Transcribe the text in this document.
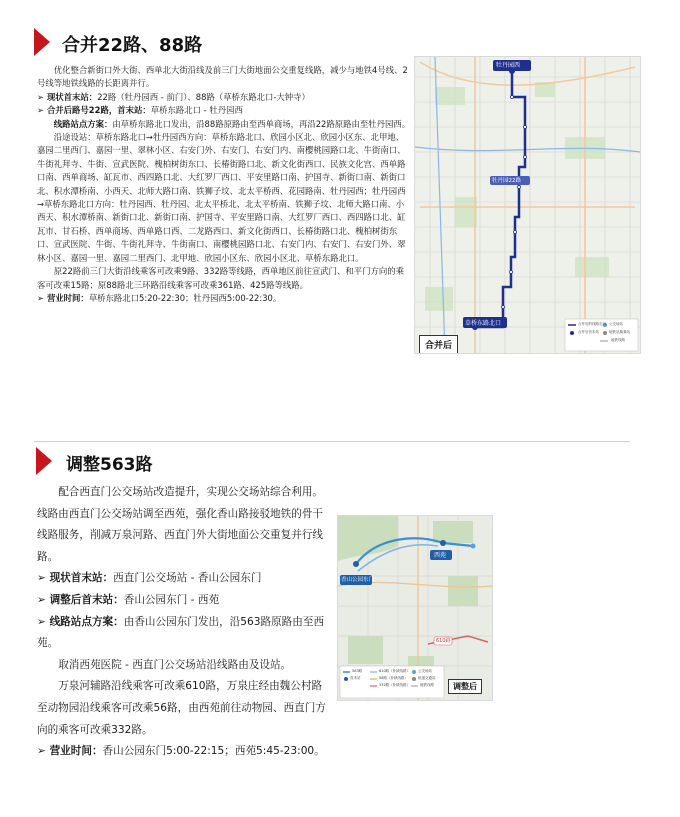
合并22路、88路

优化整合新街口外大街、西单北大街沿线及前三门大街地面公交重复线路，减少与地铁4号线、2号线等地铁线路的长距离并行。

➢ 现状首末站：22路（牡丹园西 - 前门）、88路（草桥东路北口-大钟寺）

➢ 合并后路号22路，首末站：草桥东路北口 - 牡丹园西

线路站点方案：由草桥东路北口发出，沿88路原路由至西单商场，再沿22路原路由至牡丹园西。

沿途设站：草桥东路北口→牡丹园西方向：草桥东路北口、欣园小区北、欣园小区东、北甲地、嘉园二里西门、嘉园一里、翠林小区、右安门外、右安门、右安门内、南樱桃园路口北、牛街南口、牛街礼拜寺、牛街、宣武医院、槐柏树街东口、长椿街路口北、新文化街西口、民族文化宫、西单路口南、西单商场、缸瓦市、西四路口北、大红罗厂西口、平安里路口南、护国寺、新街口南、新街口北、积水潭桥南、小西天、北师大路口南、铁狮子坟、北太平桥西、花园路南、牡丹园西；牡丹园西→草桥东路北口方向：牡丹园西、牡丹园、北太平桥北、北太平桥南、铁狮子坟、北师大路口南、小西天、积水潭桥南、新街口北、新街口南、护国寺、平安里路口南、大红罗厂西口、西四路口北、缸瓦市、甘石桥、西单商场、西单路口西、二龙路西口、新文化街西口、长椿街路口北、槐柏树街东口、宣武医院、牛街、牛街礼拜寺、牛街南口、南樱桃园路口北、右安门内、右安门、右安门外、翠林小区、嘉园一里、嘉园二里西门、北甲地、欣园小区东、欣园小区北、草桥东路北口。

原22路前三门大街沿线乘客可改乘9路、332路等线路，西单地区前往宣武门、和平门方向的乘客可改乘15路；原88路北三环路沿线乘客可改乘361路、425路等线路。

➢ 营业时间：草桥东路北口5:20-22:30；牡丹园西5:00-22:30。

牡丹园西
牡丹园22路
草桥东路北口	合并后的线路走向 公交场站
合并后首末站	地铁站换乘站
地铁线路
合并后
调整563路

配合西直门公交场站改造提升，实现公交场站综合利用。线路由西直门公交场站调至西苑，强化香山路接驳地铁的骨干线路服务，削减万泉河路、西直门外大街地面公交重复并行线路。

➢ 现状首末站：西直门公交场站 - 香山公园东门

➢ 调整后首末站：香山公园东门 - 西苑

➢ 线路站点方案：由香山公园东门发出，沿563路原路由至西苑。

取消西苑医院 - 西直门公交场站沿线路由及设站。

万泉河辅路沿线乘客可改乘610路，万泉庄经由魏公村路至动物园沿线乘客可改乘56路，由西苑前往动物园、西直门方向的乘客可改乘332路。

➢ 营业时间：香山公园东门5:00-22:15；西苑5:45-23:00。

香山公园东门
西苑
610路
563路	610路（补缺线路） 公交场站
首末站	56路（补缺线路）	轨道交通站
332路（补缺线路）	地铁线路	调整后
